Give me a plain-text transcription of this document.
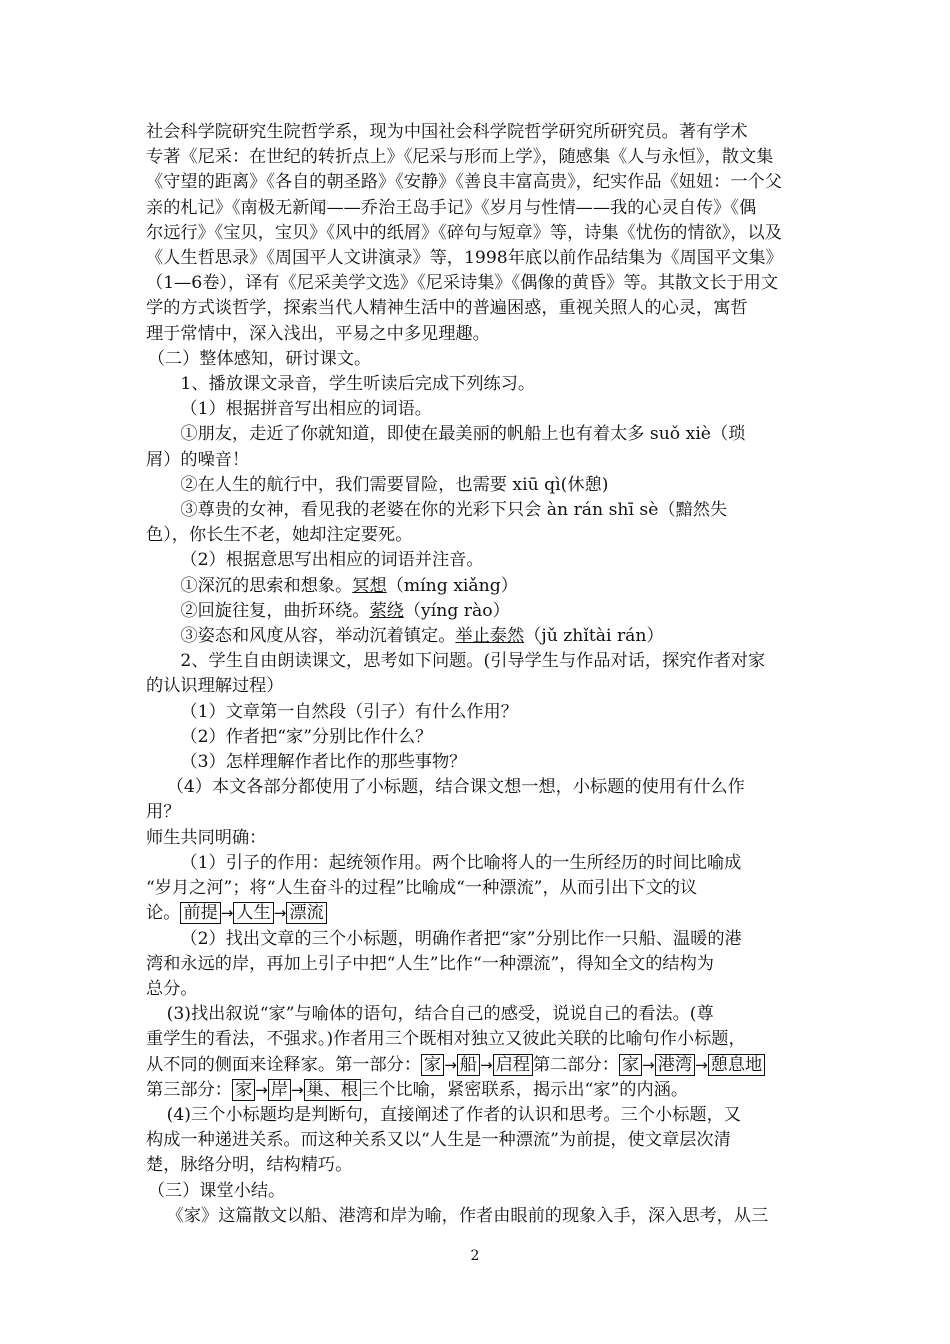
社会科学院研究生院哲学系，现为中国社会科学院哲学研究所研究员。著有学术

专著《尼采：在世纪的转折点上》《尼采与形而上学》，随感集《人与永恒》，散文集

《守望的距离》《各自的朝圣路》《安静》《善良丰富高贵》，纪实作品《妞妞：一个父

亲的札记》《南极无新闻——乔治王岛手记》《岁月与性情——我的心灵自传》《偶

尔远行》《宝贝，宝贝》《风中的纸屑》《碎句与短章》等，诗集《忧伤的情欲》，以及

《人生哲思录》《周国平人文讲演录》等，1998年底以前作品结集为《周国平文集》

（1—6卷），译有《尼采美学文选》《尼采诗集》《偶像的黄昏》等。其散文长于用文

学的方式谈哲学，探索当代人精神生活中的普遍困惑，重视关照人的心灵，寓哲

理于常情中，深入浅出，平易之中多见理趣。

（二）整体感知，研讨课文。

1、播放课文录音，学生听读后完成下列练习。

（1）根据拼音写出相应的词语。

①朋友，走近了你就知道，即使在最美丽的帆船上也有着太多 suǒ xiè（琐

屑）的噪音！

②在人生的航行中，我们需要冒险，也需要 xiū qì(休憩)

③尊贵的女神，看见我的老婆在你的光彩下只会 àn rán shī sè（黯然失

色），你长生不老，她却注定要死。

（2）根据意思写出相应的词语并注音。

①深沉的思索和想象。冥想（míng xiǎng）

②回旋往复，曲折环绕。萦绕（yíng rào）

③姿态和风度从容，举动沉着镇定。举止泰然（jǔ zhǐtài rán）

2、学生自由朗读课文，思考如下问题。(引导学生与作品对话，探究作者对家

的认识理解过程）

（1）文章第一自然段（引子）有什么作用？

（2）作者把“家”分别比作什么？

（3）怎样理解作者比作的那些事物？

（4）本文各部分都使用了小标题，结合课文想一想，小标题的使用有什么作

用？

师生共同明确：

（1）引子的作用：起统领作用。两个比喻将人的一生所经历的时间比喻成

“岁月之河”；将“人生奋斗的过程”比喻成“一种漂流”，从而引出下文的议

论。 前提 → 人生 → 漂流

（2）找出文章的三个小标题，明确作者把“家”分别比作一只船、温暖的港

湾和永远的岸，再加上引子中把“人生”比作“一种漂流”，得知全文的结构为

总分。

(3)找出叙说“家”与喻体的语句，结合自己的感受，说说自己的看法。(尊

重学生的看法，不强求。)作者用三个既相对独立又彼此关联的比喻句作小标题，

从不同的侧面来诠释家。第一部分： 家 → 船 → 启程 第二部分： 家 → 港湾 → 憩息地

第三部分： 家 → 岸 → 巢、根 三个比喻，紧密联系，揭示出“家”的内涵。

(4)三个小标题均是判断句，直接阐述了作者的认识和思考。三个小标题，又

构成一种递进关系。而这种关系又以“人生是一种漂流”为前提，使文章层次清

楚，脉络分明，结构精巧。

（三）课堂小结。

《家》这篇散文以船、港湾和岸为喻，作者由眼前的现象入手，深入思考，从三

2
